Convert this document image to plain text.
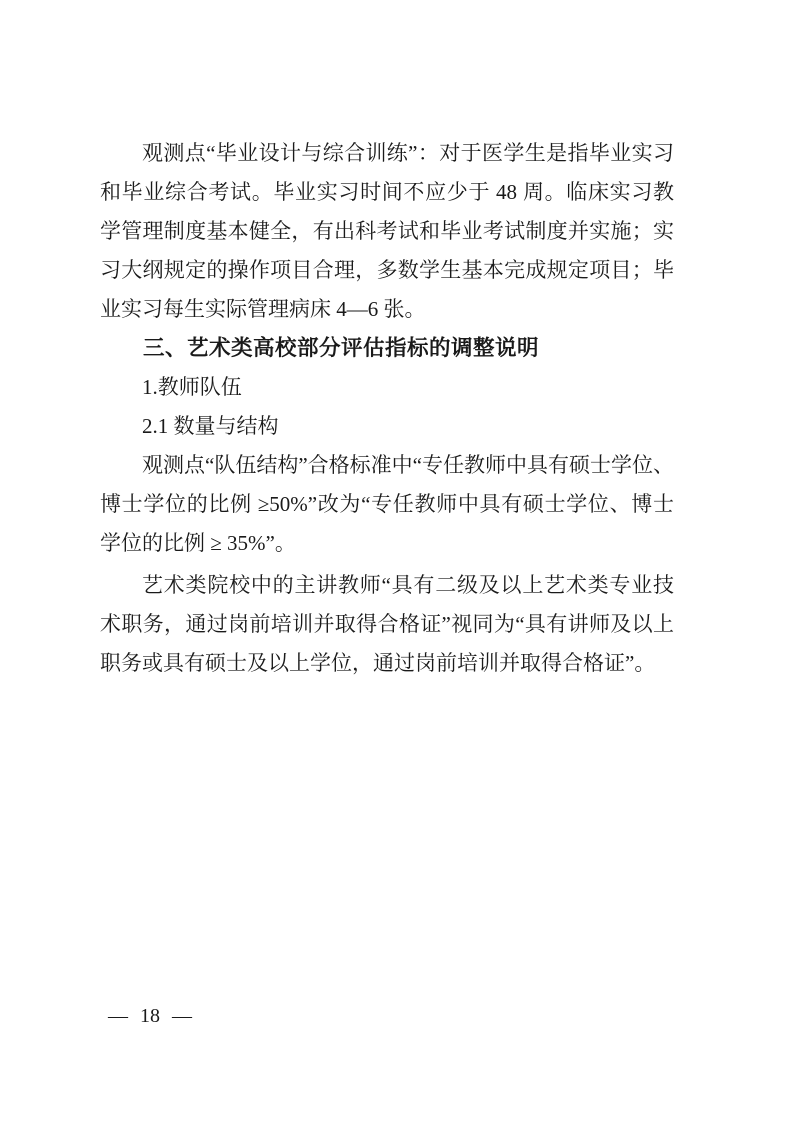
观测点“毕业设计与综合训练”：对于医学生是指毕业实习和毕业综合考试。毕业实习时间不应少于 48 周。临床实习教学管理制度基本健全，有出科考试和毕业考试制度并实施；实习大纲规定的操作项目合理，多数学生基本完成规定项目；毕业实习每生实际管理病床 4—6 张。

三、艺术类高校部分评估指标的调整说明

1.教师队伍

2.1 数量与结构

观测点“队伍结构”合格标准中“专任教师中具有硕士学位、博士学位的比例 ≥50%”改为“专任教师中具有硕士学位、博士学位的比例 ≥ 35%”。

艺术类院校中的主讲教师“具有二级及以上艺术类专业技术职务，通过岗前培训并取得合格证”视同为“具有讲师及以上职务或具有硕士及以上学位，通过岗前培训并取得合格证”。

— 18 —
